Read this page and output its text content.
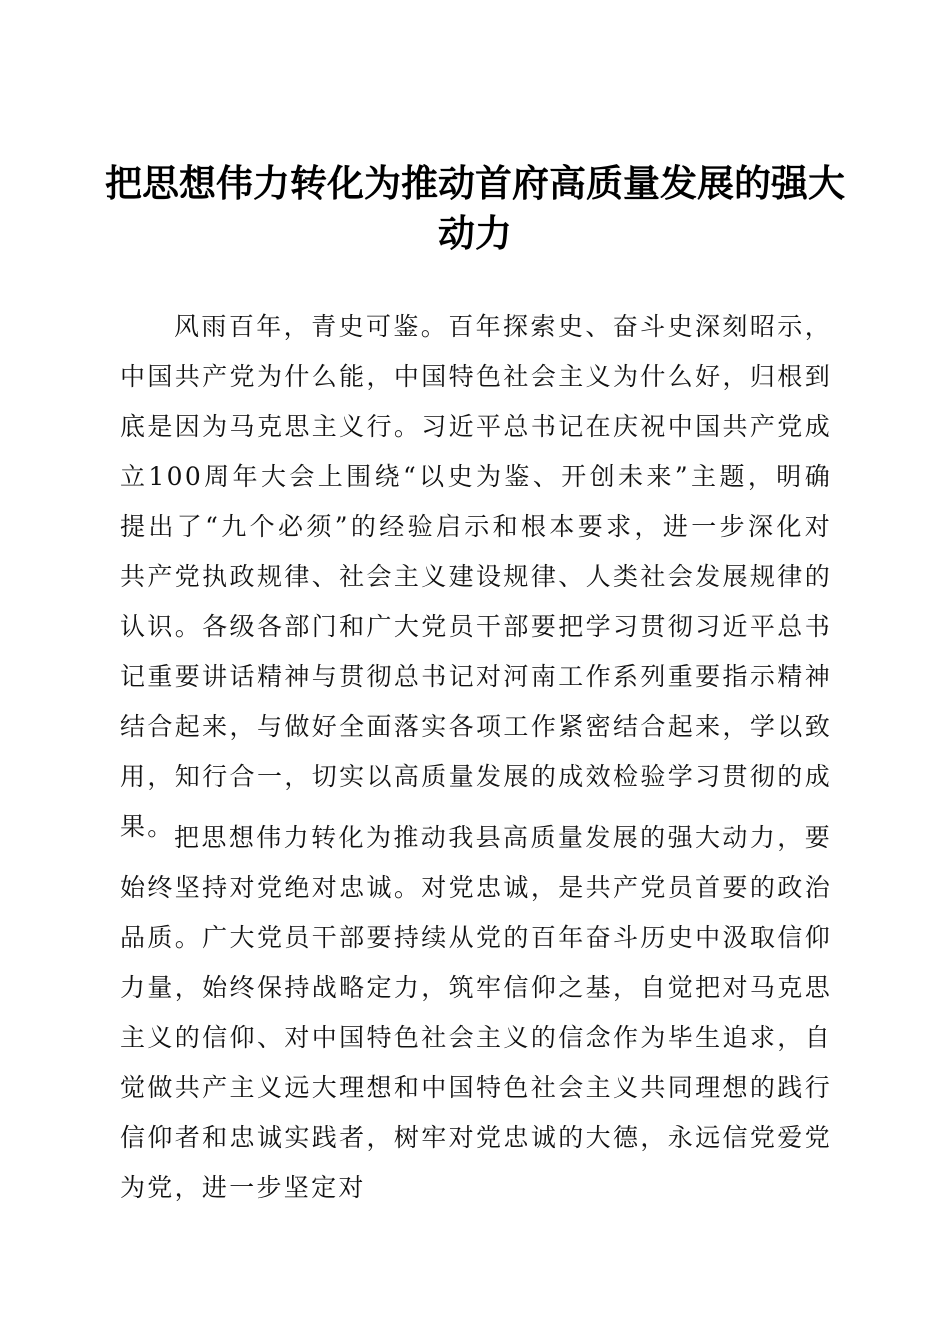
把思想伟力转化为推动首府高质量发展的强大动力

风雨百年，青史可鉴。百年探索史、奋斗史深刻昭示，中国共产党为什么能，中国特色社会主义为什么好，归根到底是因为马克思主义行。习近平总书记在庆祝中国共产党成立100周年大会上围绕“以史为鉴、开创未来”主题，明确提出了“九个必须”的经验启示和根本要求，进一步深化对共产党执政规律、社会主义建设规律、人类社会发展规律的认识。各级各部门和广大党员干部要把学习贯彻习近平总书记重要讲话精神与贯彻总书记对河南工作系列重要指示精神结合起来，与做好全面落实各项工作紧密结合起来，学以致用，知行合一，切实以高质量发展的成效检验学习贯彻的成果。 把思想伟力转化为推动我县高质量发展的强大动力，要始终坚持对党绝对忠诚。对党忠诚，是共产党员首要的政治品质。广大党员干部要持续从党的百年奋斗历史中汲取信仰力量，始终保持战略定力，筑牢信仰之基，自觉把对马克思主义的信仰、对中国特色社会主义的信念作为毕生追求，自觉做共产主义远大理想和中国特色社会主义共同理想的践行信仰者和忠诚实践者，树牢对党忠诚的大德，永远信党爱党为党，进一步坚定对
